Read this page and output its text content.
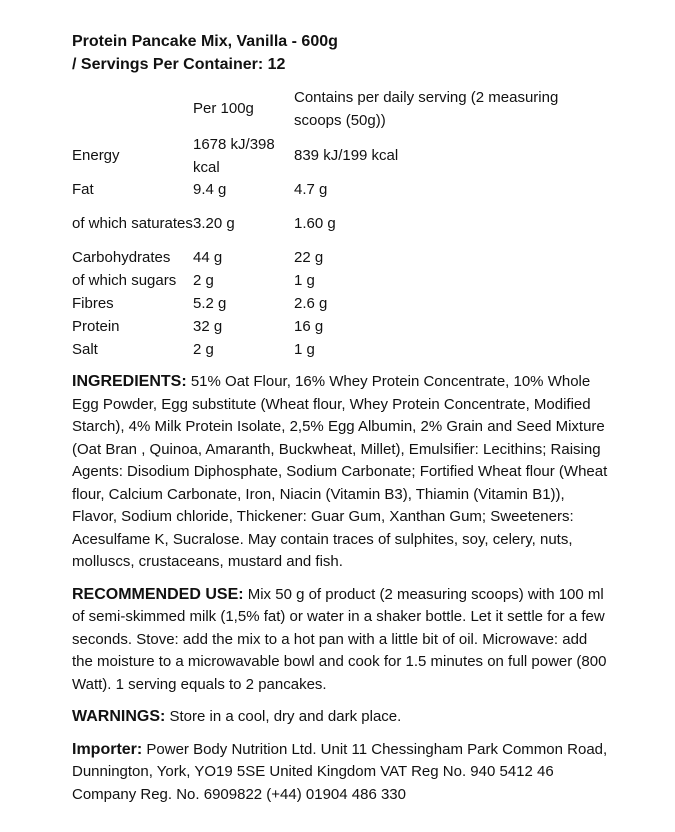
Protein Pancake Mix, Vanilla - 600g
/ Servings Per Container: 12
	Per 100g	Contains per daily serving (2 measuring scoops (50g))
Energy	1678 kJ/398 kcal	839 kJ/199 kcal
Fat	9.4 g	4.7 g
of which saturates	3.20 g	1.60 g
Carbohydrates	44 g	22 g
of which sugars	2 g	1 g
Fibres	5.2 g	2.6 g
Protein	32 g	16 g
Salt	2 g	1 g

INGREDIENTS: 51% Oat Flour, 16% Whey Protein Concentrate, 10% Whole Egg Powder, Egg substitute (Wheat flour, Whey Protein Concentrate, Modified Starch), 4% Milk Protein Isolate, 2,5% Egg Albumin, 2% Grain and Seed Mixture (Oat Bran , Quinoa, Amaranth, Buckwheat, Millet), Emulsifier: Lecithins; Raising Agents: Disodium Diphosphate, Sodium Carbonate; Fortified Wheat flour (Wheat flour, Calcium Carbonate, Iron, Niacin (Vitamin B3), Thiamin (Vitamin B1)), Flavor, Sodium chloride, Thickener: Guar Gum, Xanthan Gum; Sweeteners: Acesulfame K, Sucralose. May contain traces of sulphites, soy, celery, nuts, molluscs, crustaceans, mustard and fish.

RECOMMENDED USE: Mix 50 g of product (2 measuring scoops) with 100 ml of semi-skimmed milk (1,5% fat) or water in a shaker bottle. Let it settle for a few seconds. Stove: add the mix to a hot pan with a little bit of oil. Microwave: add the moisture to a microwavable bowl and cook for 1.5 minutes on full power (800 Watt). 1 serving equals to 2 pancakes.

WARNINGS: Store in a cool, dry and dark place.

Importer: Power Body Nutrition Ltd. Unit 11 Chessingham Park Common Road, Dunnington, York, YO19 5SE United Kingdom VAT Reg No. 940 5412 46 Company Reg. No. 6909822 (+44) 01904 486 330
